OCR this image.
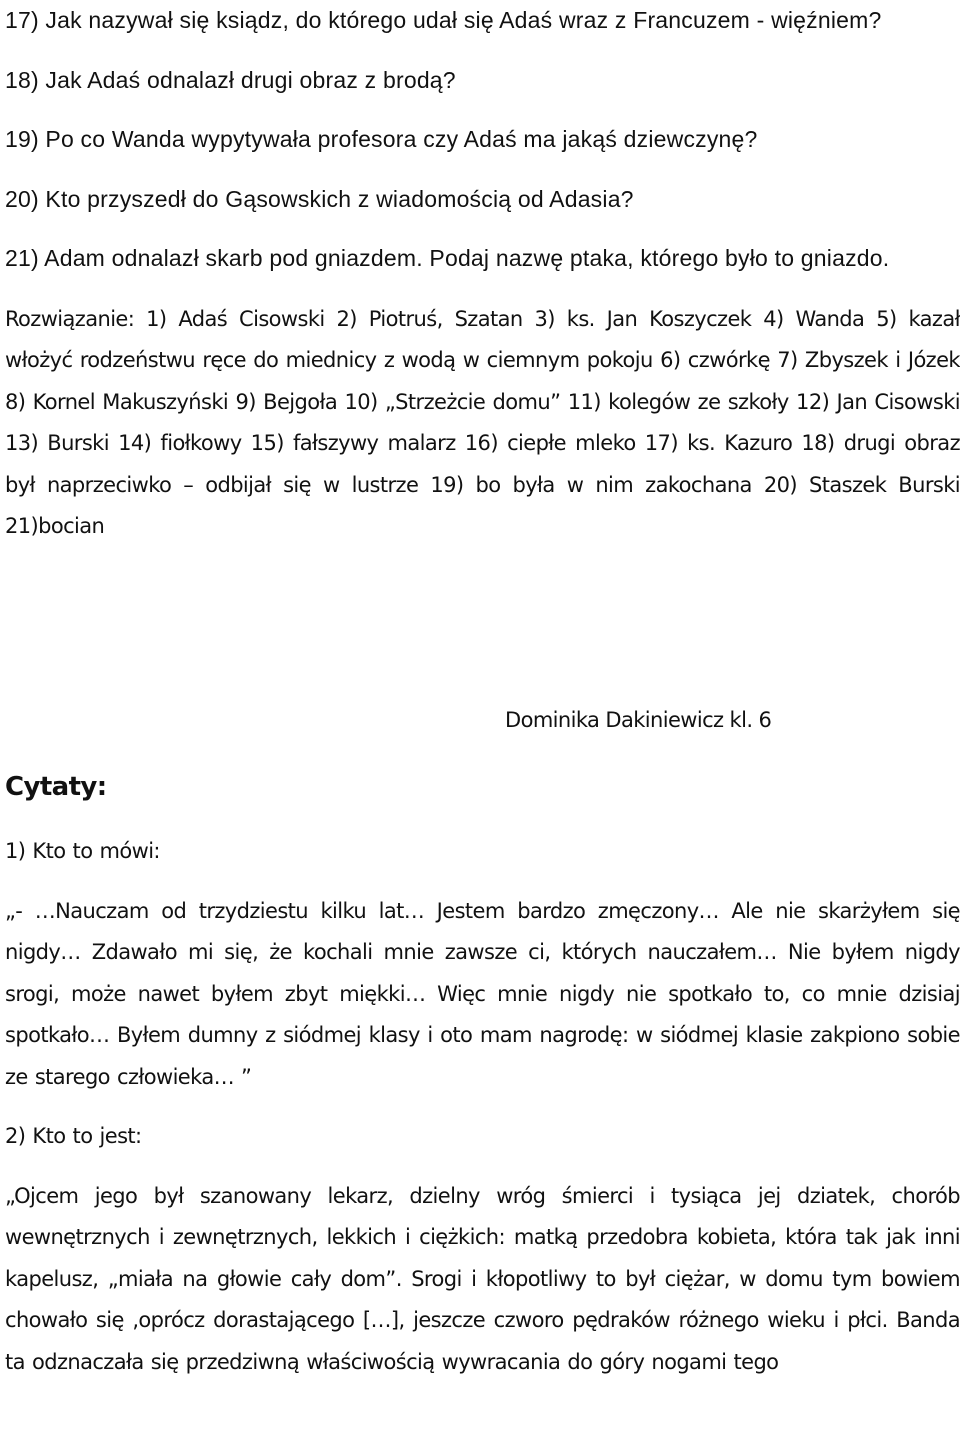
17) Jak nazywał się ksiądz, do którego udał się Adaś wraz z Francuzem - więźniem?

18) Jak Adaś odnalazł drugi obraz z brodą?

19) Po co Wanda wypytywała profesora czy Adaś ma jakąś dziewczynę?

20) Kto przyszedł do Gąsowskich z wiadomością od Adasia?

21) Adam odnalazł skarb pod gniazdem. Podaj nazwę ptaka, którego było to gniazdo.

Rozwiązanie: 1) Adaś Cisowski 2) Piotruś, Szatan 3) ks. Jan Koszyczek 4) Wanda 5) kazał włożyć rodzeństwu ręce do miednicy z wodą w ciemnym pokoju 6) czwórkę 7) Zbyszek i Józek 8) Kornel Makuszyński 9) Bejgoła 10) „Strzeżcie domu” 11) kolegów ze szkoły 12) Jan Cisowski 13) Burski 14) fiołkowy 15) fałszywy malarz 16) ciepłe mleko 17) ks. Kazuro 18) drugi obraz był naprzeciwko – odbijał się w lustrze 19) bo była w nim zakochana 20) Staszek Burski 21)bocian

Dominika Dakiniewicz kl. 6

Cytaty:

1) Kto to mówi:

„- …Nauczam od trzydziestu kilku lat… Jestem bardzo zmęczony… Ale nie skarżyłem się nigdy… Zdawało mi się, że kochali mnie zawsze ci, których nauczałem… Nie byłem nigdy srogi, może nawet byłem zbyt miękki… Więc mnie nigdy nie spotkało to, co mnie dzisiaj spotkało… Byłem dumny z siódmej klasy i oto mam nagrodę: w siódmej klasie zakpiono sobie ze starego człowieka… ”

2) Kto to jest:

„Ojcem jego był szanowany lekarz, dzielny wróg śmierci i tysiąca jej dziatek, chorób wewnętrznych i zewnętrznych, lekkich i ciężkich: matką przedobra kobieta, która tak jak inni kapelusz, „miała na głowie cały dom”. Srogi i kłopotliwy to był ciężar, w domu tym bowiem chowało się ,oprócz dorastającego […], jeszcze czworo pędraków różnego wieku i płci. Banda ta odznaczała się przedziwną właściwością wywracania do góry nogami tego
